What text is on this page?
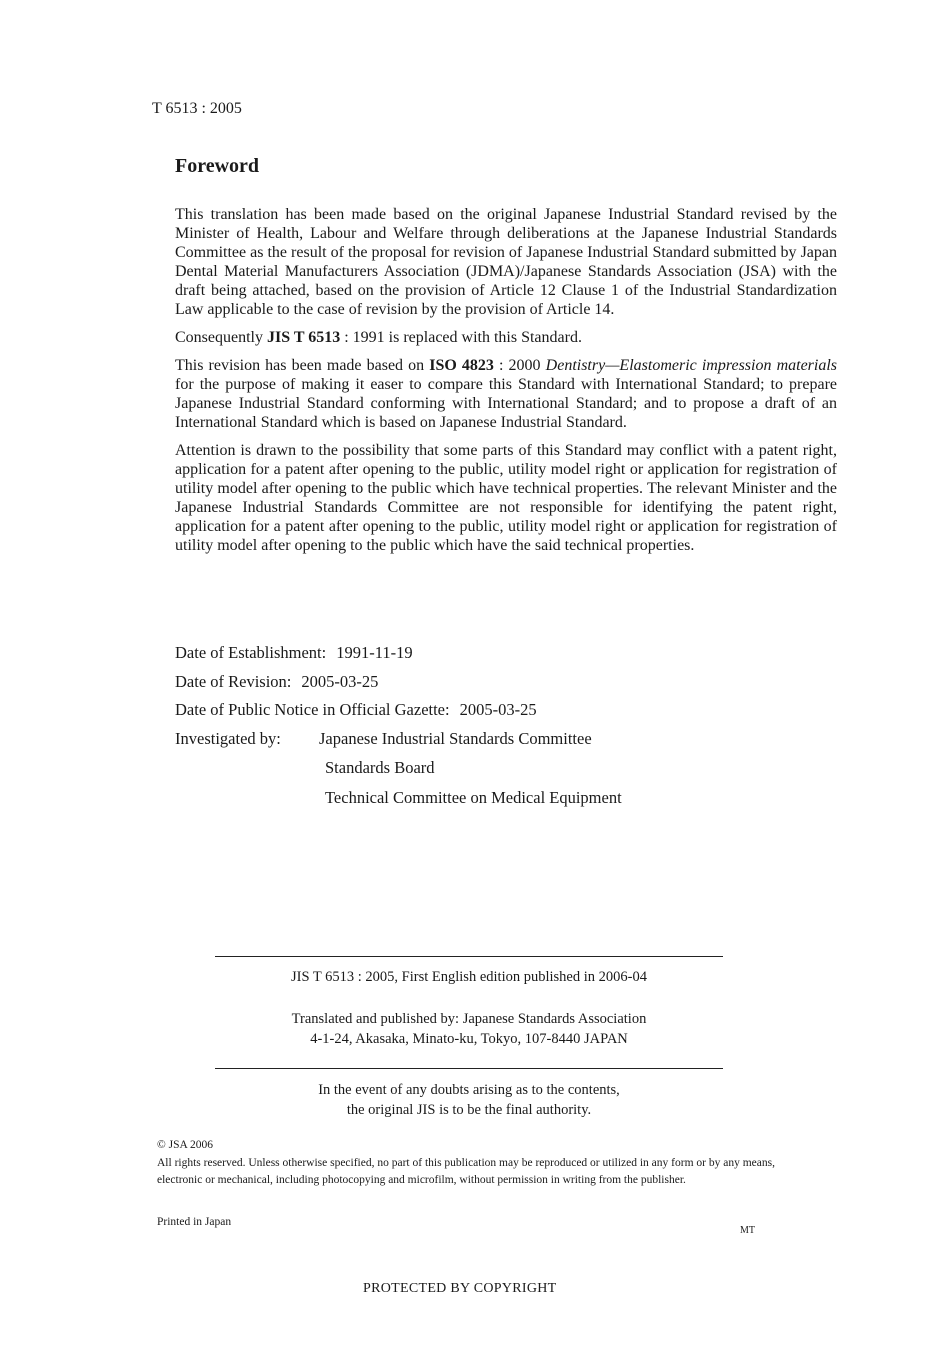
T 6513 : 2005
Foreword

This translation has been made based on the original Japanese Industrial Standard revised by the Minister of Health, Labour and Welfare through deliberations at the Japanese Industrial Standards Committee as the result of the proposal for revision of Japanese Industrial Standard submitted by Japan Dental Material Manufacturers Association (JDMA)/Japanese Standards Association (JSA) with the draft being attached, based on the provision of Article 12 Clause 1 of the Industrial Standardization Law applicable to the case of revision by the provision of Article 14.

Consequently JIS T 6513 : 1991 is replaced with this Standard.

This revision has been made based on ISO 4823 : 2000 Dentistry—Elastomeric impression materials for the purpose of making it easer to compare this Standard with International Standard; to prepare Japanese Industrial Standard conforming with International Standard; and to propose a draft of an International Standard which is based on Japanese Industrial Standard.

Attention is drawn to the possibility that some parts of this Standard may conflict with a patent right, application for a patent after opening to the public, utility model right or application for registration of utility model after opening to the public which have technical properties. The relevant Minister and the Japanese Industrial Standards Committee are not responsible for identifying the patent right, application for a patent after opening to the public, utility model right or application for registration of utility model after opening to the public which have the said technical properties.

Date of Establishment: 1991-11-19
Date of Revision: 2005-03-25
Date of Public Notice in Official Gazette: 2005-03-25
Investigated by: Japanese Industrial Standards Committee
Standards Board
Technical Committee on Medical Equipment
JIS T 6513 : 2005, First English edition published in 2006-04
Translated and published by: Japanese Standards Association
4-1-24, Akasaka, Minato-ku, Tokyo, 107-8440 JAPAN
In the event of any doubts arising as to the contents,
the original JIS is to be the final authority.

© JSA 2006

All rights reserved. Unless otherwise specified, no part of this publication may be reproduced or utilized in any form or by any means, electronic or mechanical, including photocopying and microfilm, without permission in writing from the publisher.

Printed in Japan
MT
PROTECTED BY COPYRIGHT
